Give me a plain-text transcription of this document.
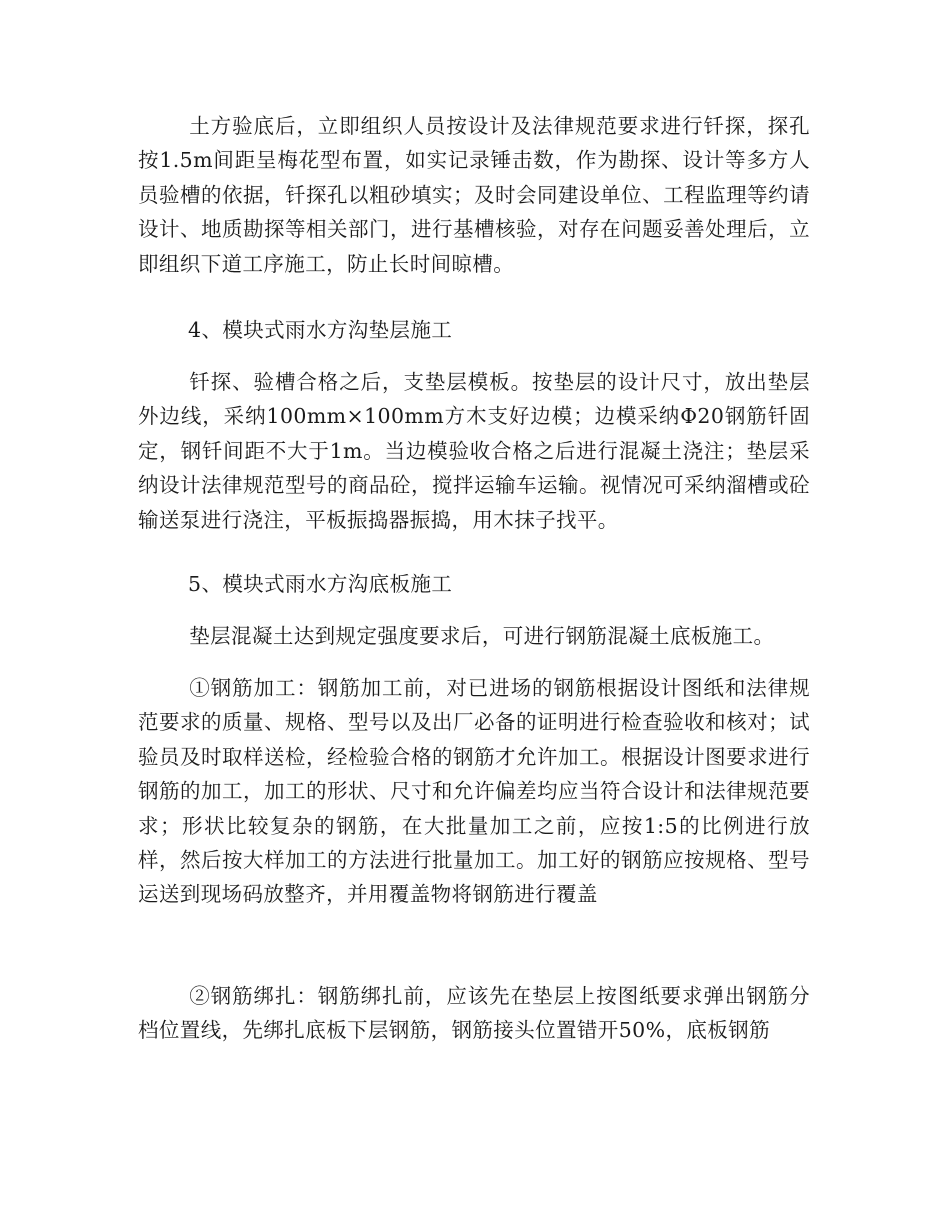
土方验底后，立即组织人员按设计及法律规范要求进行钎探，探孔按1.5m间距呈梅花型布置，如实记录锤击数，作为勘探、设计等多方人员验槽的依据，钎探孔以粗砂填实；及时会同建设单位、工程监理等约请设计、地质勘探等相关部门，进行基槽核验，对存在问题妥善处理后，立即组织下道工序施工，防止长时间晾槽。

4、模块式雨水方沟垫层施工

钎探、验槽合格之后，支垫层模板。按垫层的设计尺寸，放出垫层外边线，采纳100mm×100mm方木支好边模；边模采纳Φ20钢筋钎固定，钢钎间距不大于1m。当边模验收合格之后进行混凝土浇注；垫层采纳设计法律规范型号的商品砼，搅拌运输车运输。视情况可采纳溜槽或砼输送泵进行浇注，平板振捣器振捣，用木抹子找平。

5、模块式雨水方沟底板施工

垫层混凝土达到规定强度要求后，可进行钢筋混凝土底板施工。

①钢筋加工：钢筋加工前，对已进场的钢筋根据设计图纸和法律规范要求的质量、规格、型号以及出厂必备的证明进行检查验收和核对；试验员及时取样送检，经检验合格的钢筋才允许加工。根据设计图要求进行钢筋的加工，加工的形状、尺寸和允许偏差均应当符合设计和法律规范要求；形状比较复杂的钢筋，在大批量加工之前，应按1:5的比例进行放样，然后按大样加工的方法进行批量加工。加工好的钢筋应按规格、型号运送到现场码放整齐，并用覆盖物将钢筋进行覆盖

②钢筋绑扎：钢筋绑扎前，应该先在垫层上按图纸要求弹出钢筋分档位置线，先绑扎底板下层钢筋，钢筋接头位置错开50%，底板钢筋
